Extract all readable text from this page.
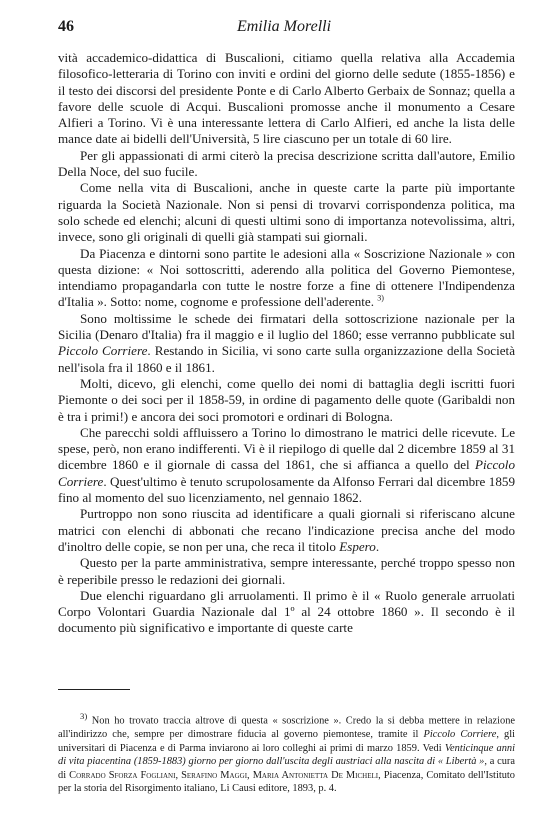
46	Emilia Morelli

vità accademico-didattica di Buscalioni, citiamo quella relativa alla Accademia filosofico-letteraria di Torino con inviti e ordini del giorno delle sedute (1855-1856) e il testo dei discorsi del presidente Ponte e di Carlo Alberto Gerbaix de Sonnaz; quella a favore delle scuole di Acqui. Buscalioni promosse anche il monumento a Cesare Alfieri a Torino. Vi è una interessante lettera di Carlo Alfieri, ed anche la lista delle mance date ai bidelli dell'Università, 5 lire ciascuno per un totale di 60 lire.

Per gli appassionati di armi citerò la precisa descrizione scritta dall'autore, Emilio Della Noce, del suo fucile.

Come nella vita di Buscalioni, anche in queste carte la parte più importante riguarda la Società Nazionale. Non si pensi di trovarvi corrispondenza politica, ma solo schede ed elenchi; alcuni di questi ultimi sono di importanza notevolissima, altri, invece, sono gli originali di quelli già stampati sui giornali.

Da Piacenza e dintorni sono partite le adesioni alla « Soscrizione Nazionale » con questa dizione: « Noi sottoscritti, aderendo alla politica del Governo Piemontese, intendiamo propagandarla con tutte le nostre forze a fine di ottenere l'Indipendenza d'Italia ». Sotto: nome, cognome e professione dell'aderente. $^{3)}$

Sono moltissime le schede dei firmatari della sottoscrizione nazionale per la Sicilia (Denaro d'Italia) fra il maggio e il luglio del 1860; esse verranno pubblicate sul Piccolo Corriere. Restando in Sicilia, vi sono carte sulla organizzazione della Società nell'isola fra il 1860 e il 1861.

Molti, dicevo, gli elenchi, come quello dei nomi di battaglia degli iscritti fuori Piemonte o dei soci per il 1858-59, in ordine di pagamento delle quote (Garibaldi non è tra i primi!) e ancora dei soci promotori e ordinari di Bologna.

Che parecchi soldi affluissero a Torino lo dimostrano le matrici delle ricevute. Le spese, però, non erano indifferenti. Vi è il riepilogo di quelle dal 2 dicembre 1859 al 31 dicembre 1860 e il giornale di cassa del 1861, che si affianca a quello del Piccolo Corriere. Quest'ultimo è tenuto scrupolosamente da Alfonso Ferrari dal dicembre 1859 fino al momento del suo licenziamento, nel gennaio 1862.

Purtroppo non sono riuscita ad identificare a quali giornali si riferiscano alcune matrici con elenchi di abbonati che recano l'indicazione precisa anche del modo d'inoltro delle copie, se non per una, che reca il titolo Espero.

Questo per la parte amministrativa, sempre interessante, perché troppo spesso non è reperibile presso le redazioni dei giornali.

Due elenchi riguardano gli arruolamenti. Il primo è il « Ruolo generale arruolati Corpo Volontari Guardia Nazionale dal 1º al 24 ottobre 1860 ». Il secondo è il documento più significativo e importante di queste carte

$^{3)}$ Non ho trovato traccia altrove di questa « soscrizione ». Credo la si debba mettere in relazione all'indirizzo che, sempre per dimostrare fiducia al governo piemontese, tramite il Piccolo Corriere, gli universitari di Piacenza e di Parma inviarono ai loro colleghi ai primi di marzo 1859. Vedi Venticinque anni di vita piacentina (1859-1883) giorno per giorno dall'uscita degli austriaci alla nascita di « Libertà », a cura di Corrado Sforza Fogliani, Serafino Maggi, Maria Antonietta De Micheli, Piacenza, Comitato dell'Istituto per la storia del Risorgimento italiano, Li Causi editore, 1893, p. 4.
